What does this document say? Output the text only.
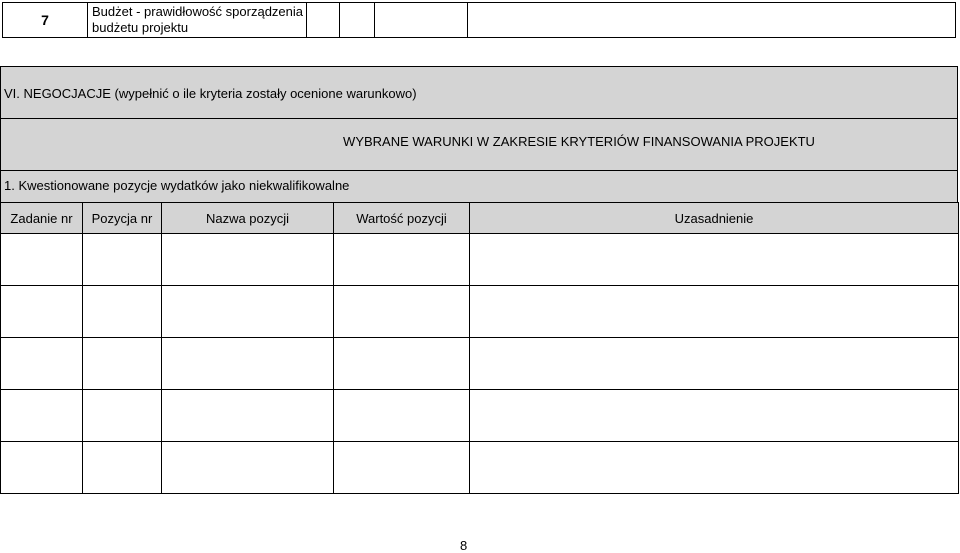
7	Budżet - prawidłowość sporządzenia budżetu projektu				
VI. NEGOCJACJE (wypełnić o ile kryteria zostały ocenione warunkowo)
WYBRANE WARUNKI W ZAKRESIE KRYTERIÓW FINANSOWANIA PROJEKTU
1. Kwestionowane pozycje wydatków jako niekwalifikowalne
Zadanie nr	Pozycja nr	Nazwa pozycji	Wartość pozycji	Uzasadnienie

8
